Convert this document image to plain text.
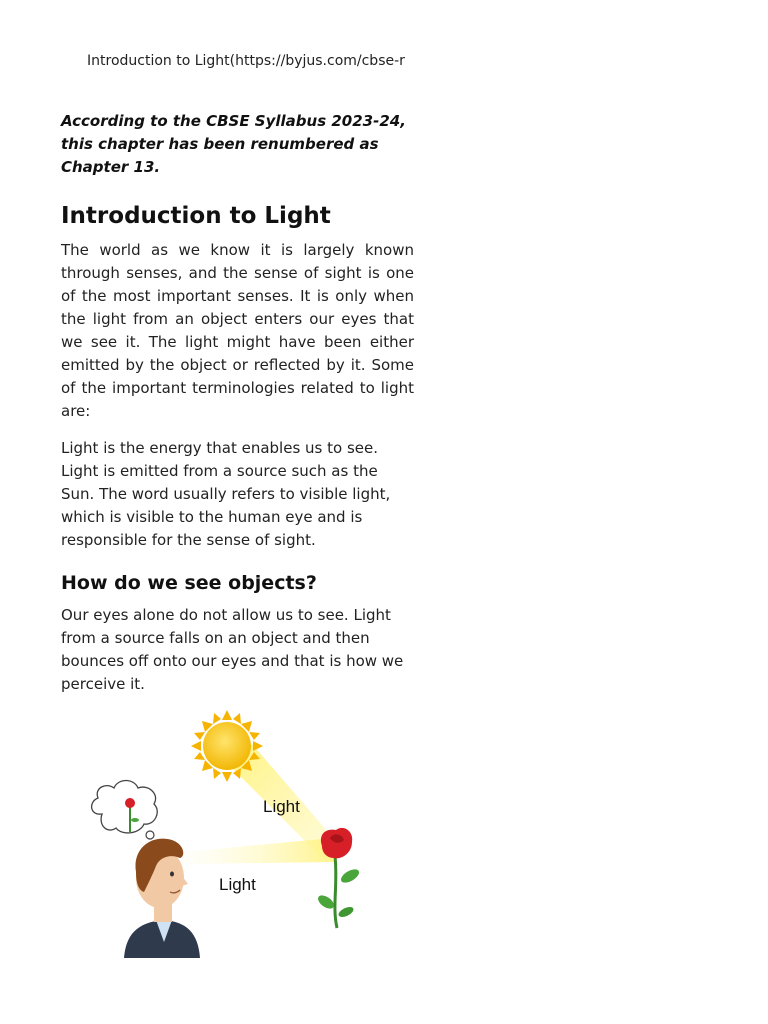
Introduction to Light(https://byjus.com/cbse-r

According to the CBSE Syllabus 2023-24, this chapter has been renumbered as Chapter 13.

Introduction to Light

The world as we know it is largely known through senses, and the sense of sight is one of the most important senses. It is only when the light from an object enters our eyes that we see it. The light might have been either emitted by the object or reflected by it. Some of the important terminologies related to light are:

Light is the energy that enables us to see. Light is emitted from a source such as the Sun. The word usually refers to visible light, which is visible to the human eye and is responsible for the sense of sight.

How do we see objects?

Our eyes alone do not allow us to see. Light from a source falls on an object and then bounces off onto our eyes and that is how we perceive it.

Light
Light
